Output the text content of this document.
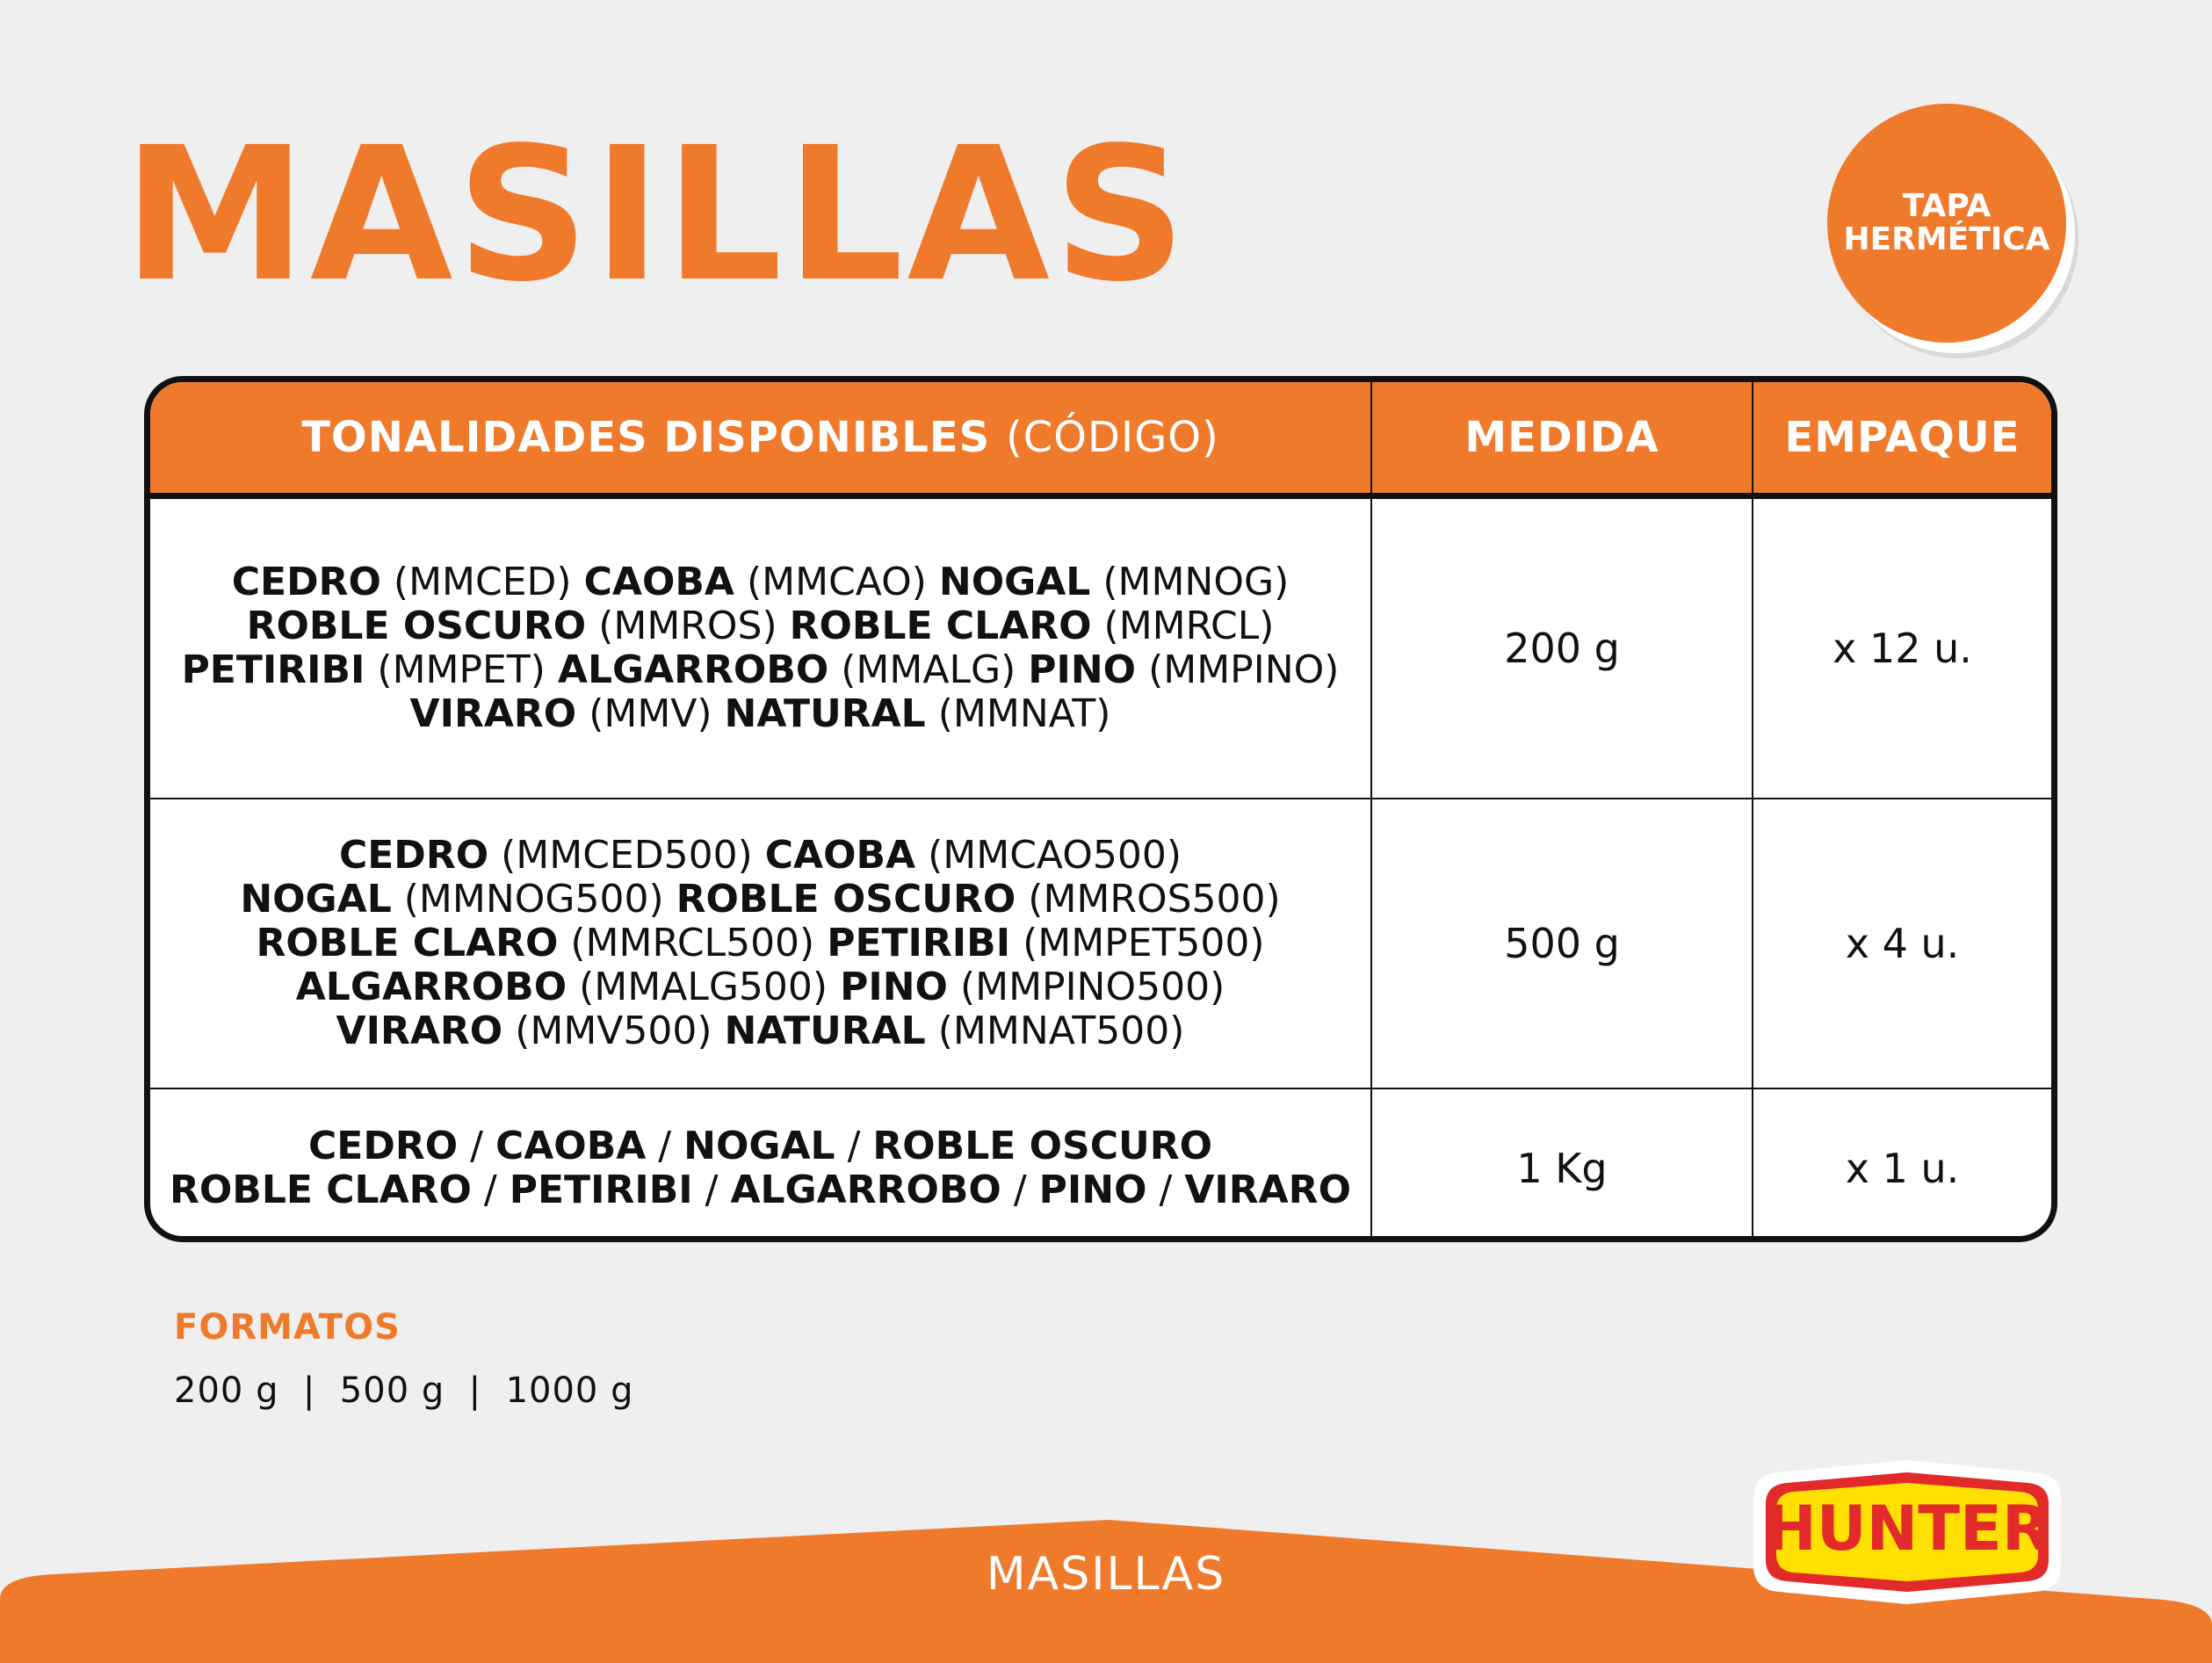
MASILLAS	TAPA
HERMÉTICA
TONALIDADES DISPONIBLES (CÓDIGO)	MEDIDA	EMPAQUE

CEDRO (MMCED) CAOBA (MMCAO) NOGAL (MMNOG)
ROBLE OSCURO (MMROS) ROBLE CLARO (MMRCL)
PETIRIBI (MMPET) ALGARROBO (MMALG) PINO (MMPINO)
VIRARO (MMV) NATURAL (MMNAT)	200 g	x 12 u.

CEDRO (MMCED500) CAOBA (MMCAO500)
NOGAL (MMNOG500) ROBLE OSCURO (MMROS500)
ROBLE CLARO (MMRCL500) PETIRIBI (MMPET500)
ALGARROBO (MMALG500) PINO (MMPINO500)
VIRARO (MMV500) NATURAL (MMNAT500)	500 g	x 4 u.

CEDRO / CAOBA / NOGAL / ROBLE OSCURO
ROBLE CLARO / PETIRIBI / ALGARROBO / PINO / VIRARO	1 Kg	x 1 u.
FORMATOS
200 g  |  500 g  |  1000 g
MASILLAS
HUNTER
